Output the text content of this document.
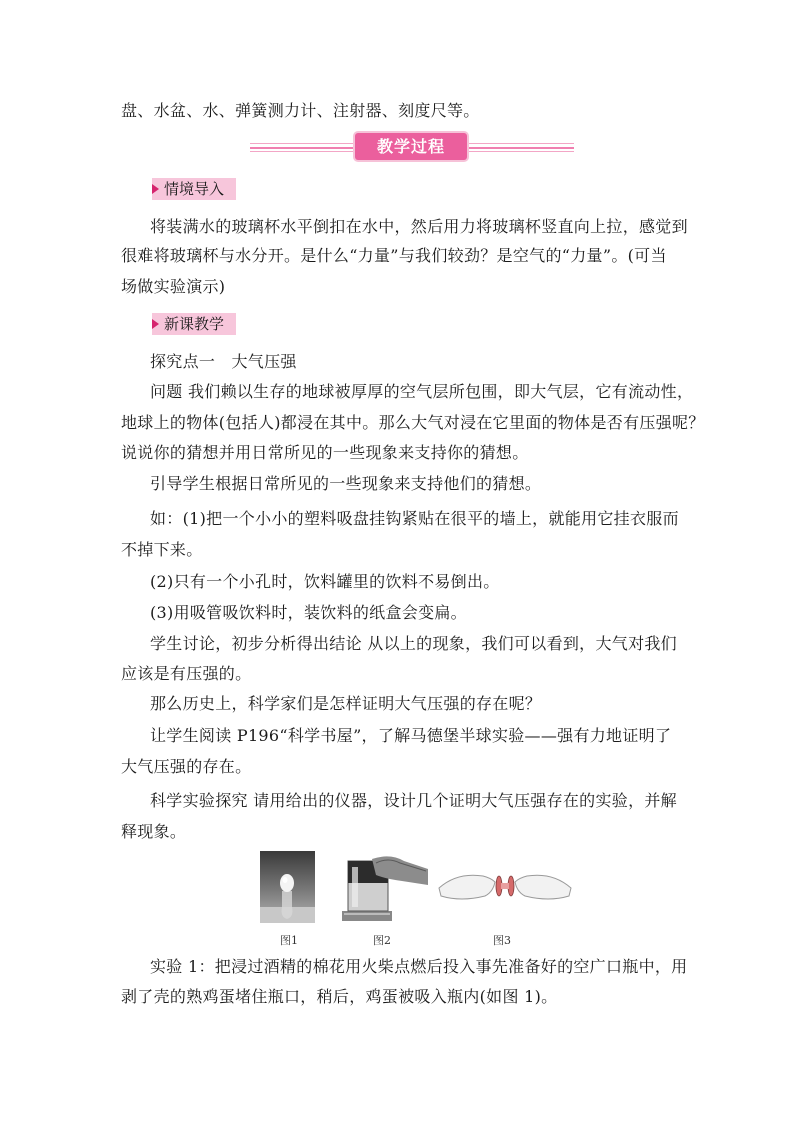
盘、水盆、水、弹簧测力计、注射器、刻度尺等。
教学过程
情境导入
将装满水的玻璃杯水平倒扣在水中，然后用力将玻璃杯竖直向上拉，感觉到
很难将玻璃杯与水分开。是什么“力量”与我们较劲？是空气的“力量”。(可当
场做实验演示)
新课教学
探究点一　大气压强
问题 我们赖以生存的地球被厚厚的空气层所包围，即大气层，它有流动性，
地球上的物体(包括人)都浸在其中。那么大气对浸在它里面的物体是否有压强呢？
说说你的猜想并用日常所见的一些现象来支持你的猜想。
引导学生根据日常所见的一些现象来支持他们的猜想。
如：(1)把一个小小的塑料吸盘挂钩紧贴在很平的墙上，就能用它挂衣服而
不掉下来。
(2)只有一个小孔时，饮料罐里的饮料不易倒出。
(3)用吸管吸饮料时，装饮料的纸盒会变扁。
学生讨论，初步分析得出结论 从以上的现象，我们可以看到，大气对我们
应该是有压强的。
那么历史上，科学家们是怎样证明大气压强的存在呢？
让学生阅读 P196“科学书屋”，了解马德堡半球实验——强有力地证明了
大气压强的存在。
科学实验探究 请用给出的仪器，设计几个证明大气压强存在的实验，并解
释现象。
图1	图2	图3
实验 1：把浸过酒精的棉花用火柴点燃后投入事先准备好的空广口瓶中，用
剥了壳的熟鸡蛋堵住瓶口，稍后，鸡蛋被吸入瓶内(如图 1)。
